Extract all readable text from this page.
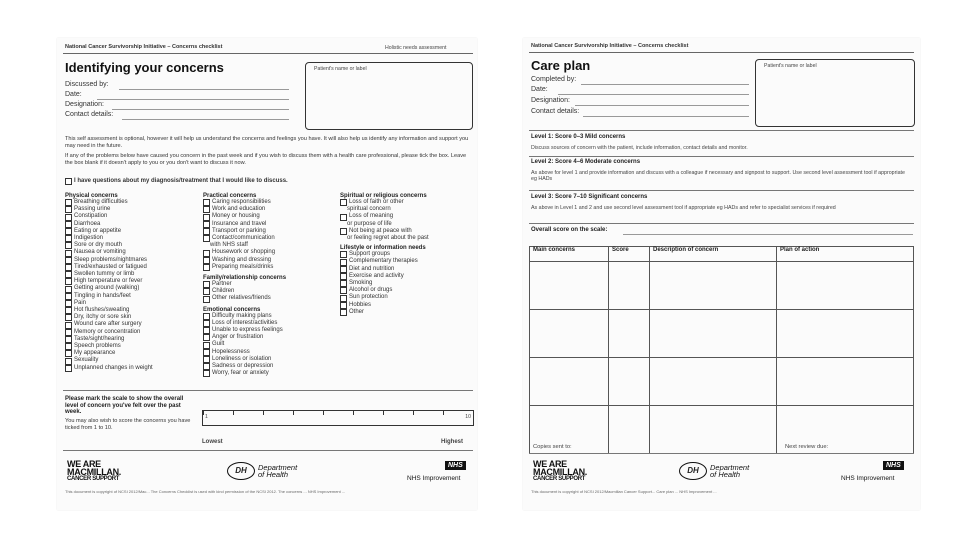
National Cancer Survivorship Initiative – Concerns checklist	Holistic needs assessment
Identifying your concerns
Discussed by:
Date:
Designation:
Contact details:
Patient's name or label
This self assessment is optional, however it will help us understand the concerns and feelings you have. It will also help us identify any information and support you may need in the future.
If any of the problems below have caused you concern in the past week and if you wish to discuss them with a health care professional, please tick the box. Leave the box blank if it doesn't apply to you or you don't want to discuss it now.
I have questions about my diagnosis/treatment that I would like to discuss.
Physical concerns
Breathing difficulties
Passing urine
Constipation
Diarrhoea
Eating or appetite
Indigestion
Sore or dry mouth
Nausea or vomiting
Sleep problems/nightmares
Tired/exhausted or fatigued
Swollen tummy or limb
High temperature or fever
Getting around (walking)
Tingling in hands/feet
Pain
Hot flushes/sweating
Dry, itchy or sore skin
Wound care after surgery
Memory or concentration
Taste/sight/hearing
Speech problems
My appearance
Sexuality
Unplanned changes in weight
Practical concerns
Caring responsibilities
Work and education
Money or housing
Insurance and travel
Transport or parking
Contact/communication
with NHS staff
Housework or shopping
Washing and dressing
Preparing meals/drinks
Family/relationship concerns
Partner
Children
Other relatives/friends
Emotional concerns
Difficulty making plans
Loss of interest/activities
Unable to express feelings
Anger or frustration
Guilt
Hopelessness
Loneliness or isolation
Sadness or depression
Worry, fear or anxiety
Spiritual or religious concerns
Loss of faith or other
spiritual concern
Loss of meaning
or purpose of life
Not being at peace with
or feeling regret about the past
Lifestyle or information needs
Support groups
Complementary therapies
Diet and nutrition
Exercise and activity
Smoking
Alcohol or drugs
Sun protection
Hobbies
Other
Please mark the scale to show the overall level of concern you've felt over the past week.
You may also wish to score the concerns you have ticked from 1 to 10.
1	10
Lowest	Highest
WE ARE
MACMILLAN.
CANCER SUPPORT
DH	Department
of Health
NHS
NHS Improvement
This document is copyright of NCSI 2012/Mac... The Concerns Checklist is used with kind permission of the NCSI 2012. The concerns ... NHS Improvement ...
National Cancer Survivorship Initiative – Concerns checklist
Care plan
Completed by:
Date:
Designation:
Contact details:
Patient's name or label
Level 1: Score 0–3 Mild concerns
Discuss sources of concern with the patient, include information, contact details and monitor.
Level 2: Score 4–6 Moderate concerns
As above for level 1 and provide information and discuss with a colleague if necessary and signpost to support. Use second level assessment tool if appropriate eg HADs
Level 3: Score 7–10 Significant concerns
As above in Level 1 and 2 and use second level assessment tool if appropriate eg HADs and refer to specialist services if required
Overall score on the scale:
Main concerns	Score	Description of concern	Plan of action

Copies sent to:	Next review due:
WE ARE
MACMILLAN.
CANCER SUPPORT
DH	Department
of Health
NHS
NHS Improvement
This document is copyright of NCSI 2012/Macmillan Cancer Support... Care plan ... NHS Improvement ...
